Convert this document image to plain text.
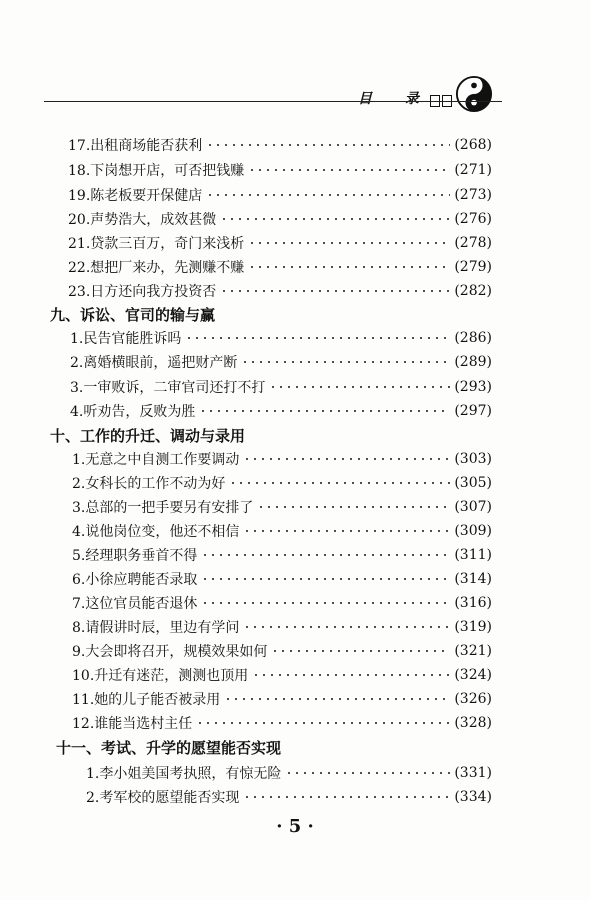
目 录
17.出租商场能否获利	(268)
18.下岗想开店，可否把钱赚	(271)
19.陈老板要开保健店	(273)
20.声势浩大，成效甚微	(276)
21.贷款三百万，奇门来浅析	(278)
22.想把厂来办，先测赚不赚	(279)
23.日方还向我方投资否	(282)
九、诉讼、官司的输与赢
1.民告官能胜诉吗	(286)
2.离婚横眼前，遥把财产断	(289)
3.一审败诉，二审官司还打不打	(293)
4.听劝告，反败为胜	(297)
十、工作的升迁、调动与录用
1.无意之中自测工作要调动	(303)
2.女科长的工作不动为好	(305)
3.总部的一把手要另有安排了	(307)
4.说他岗位变，他还不相信	(309)
5.经理职务垂首不得	(311)
6.小徐应聘能否录取	(314)
7.这位官员能否退休	(316)
8.请假讲时辰，里边有学问	(319)
9.大会即将召开，规模效果如何	(321)
10.升迁有迷茫，测测也顶用	(324)
11.她的儿子能否被录用	(326)
12.谁能当选村主任	(328)
十一、考试、升学的愿望能否实现
1.李小姐美国考执照，有惊无险	(331)
2.考军校的愿望能否实现	(334)
· 5 ·
